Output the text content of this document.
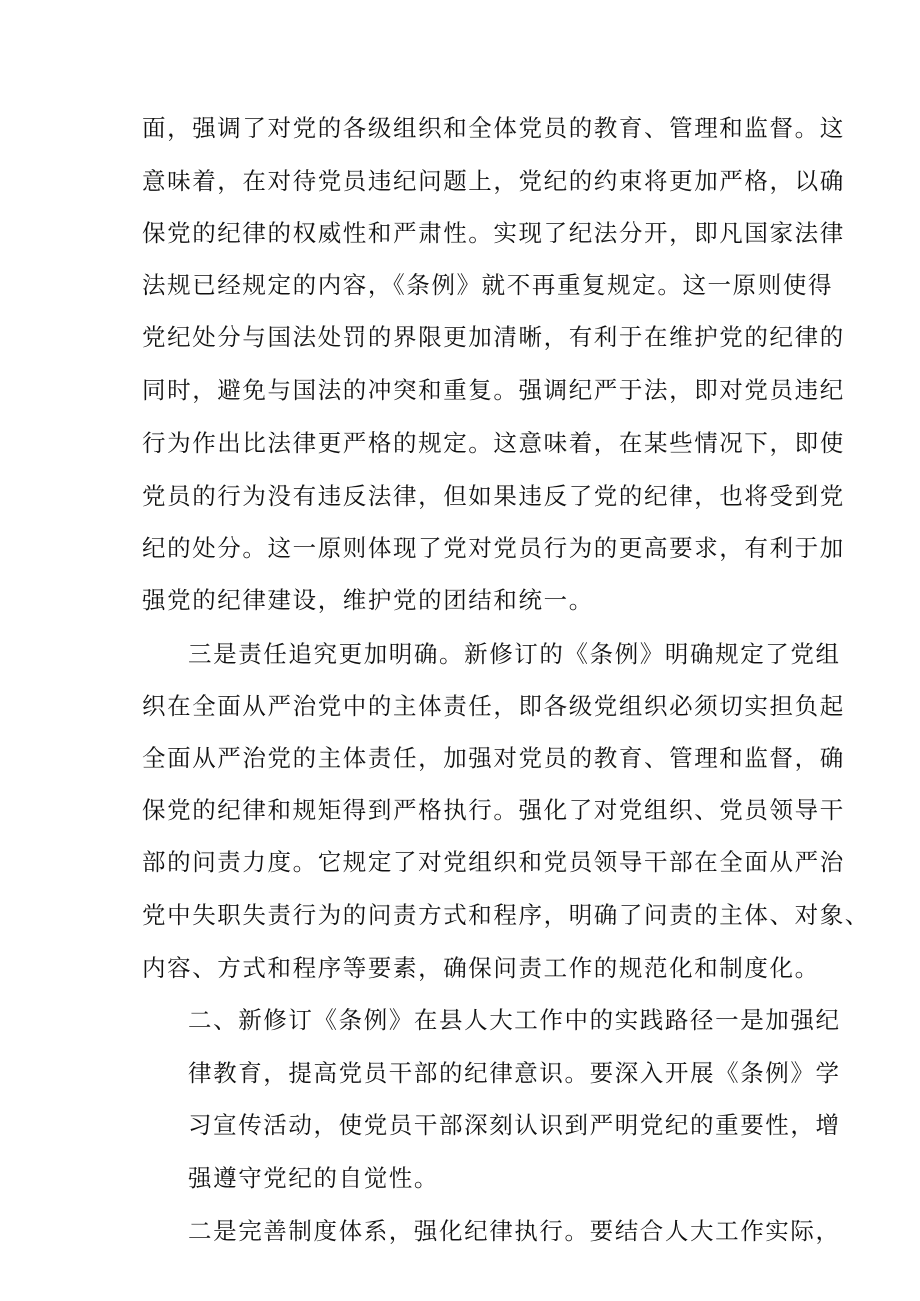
面，强调了对党的各级组织和全体党员的教育、管理和监督。这
意味着，在对待党员违纪问题上，党纪的约束将更加严格，以确
保党的纪律的权威性和严肃性。实现了纪法分开，即凡国家法律
法规已经规定的内容，《条例》就不再重复规定。这一原则使得
党纪处分与国法处罚的界限更加清晰，有利于在维护党的纪律的
同时，避免与国法的冲突和重复。强调纪严于法，即对党员违纪
行为作出比法律更严格的规定。这意味着，在某些情况下，即使
党员的行为没有违反法律，但如果违反了党的纪律，也将受到党
纪的处分。这一原则体现了党对党员行为的更高要求，有利于加
强党的纪律建设，维护党的团结和统一。
三是责任追究更加明确。新修订的《条例》明确规定了党组
织在全面从严治党中的主体责任，即各级党组织必须切实担负起
全面从严治党的主体责任，加强对党员的教育、管理和监督，确
保党的纪律和规矩得到严格执行。强化了对党组织、党员领导干
部的问责力度。它规定了对党组织和党员领导干部在全面从严治
党中失职失责行为的问责方式和程序，明确了问责的主体、对象、
内容、方式和程序等要素，确保问责工作的规范化和制度化。
二、新修订《条例》在县人大工作中的实践路径一是加强纪
律教育，提高党员干部的纪律意识。要深入开展《条例》学
习宣传活动，使党员干部深刻认识到严明党纪的重要性，增
强遵守党纪的自觉性。
二是完善制度体系，强化纪律执行。要结合人大工作实际，
